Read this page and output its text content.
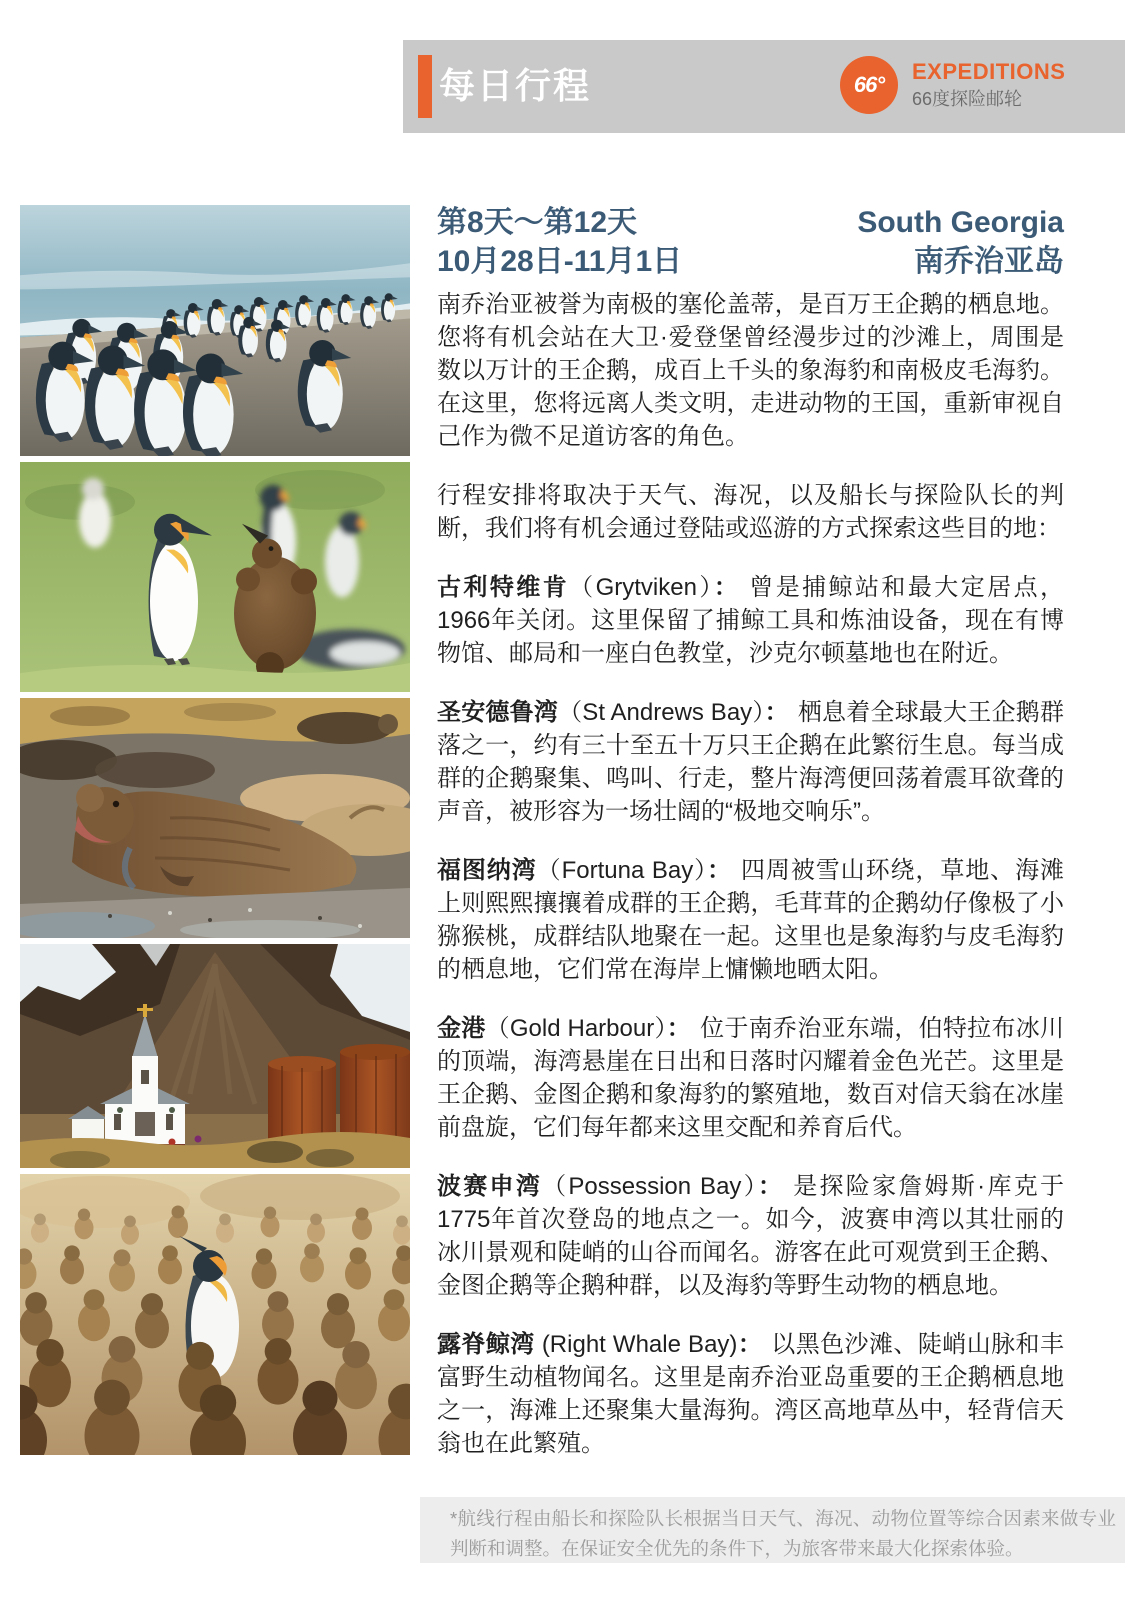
每日行程	66°
EXPEDITIONS
66度探险邮轮
第8天～第12天
10月28日-11月1日
South Georgia
南乔治亚岛

南乔治亚被誉为南极的塞伦盖蒂，是百万王企鹅的栖息地。您将有机会站在大卫·爱登堡曾经漫步过的沙滩上，周围是数以万计的王企鹅，成百上千头的象海豹和南极皮毛海豹。在这里，您将远离人类文明，走进动物的王国，重新审视自己作为微不足道访客的角色。

行程安排将取决于天气、海况，以及船长与探险队长的判断，我们将有机会通过登陆或巡游的方式探索这些目的地：

古利特维肯（Grytviken）： 曾是捕鲸站和最大定居点，1966年关闭。这里保留了捕鲸工具和炼油设备，现在有博物馆、邮局和一座白色教堂，沙克尔顿墓地也在附近。

圣安德鲁湾（St Andrews Bay）： 栖息着全球最大王企鹅群落之一，约有三十至五十万只王企鹅在此繁衍生息。每当成群的企鹅聚集、鸣叫、行走，整片海湾便回荡着震耳欲聋的声音，被形容为一场壮阔的“极地交响乐”。

福图纳湾（Fortuna Bay）： 四周被雪山环绕，草地、海滩上则熙熙攘攘着成群的王企鹅，毛茸茸的企鹅幼仔像极了小猕猴桃，成群结队地聚在一起。这里也是象海豹与皮毛海豹的栖息地，它们常在海岸上慵懒地晒太阳。

金港（Gold Harbour）： 位于南乔治亚东端，伯特拉布冰川的顶端，海湾悬崖在日出和日落时闪耀着金色光芒。这里是王企鹅、金图企鹅和象海豹的繁殖地，数百对信天翁在冰崖前盘旋，它们每年都来这里交配和养育后代。

波赛申湾（Possession Bay）： 是探险家詹姆斯·库克于1775年首次登岛的地点之一。如今，波赛申湾以其壮丽的冰川景观和陡峭的山谷而闻名。游客在此可观赏到王企鹅、金图企鹅等企鹅种群，以及海豹等野生动物的栖息地。

露脊鲸湾 (Right Whale Bay)： 以黑色沙滩、陡峭山脉和丰富野生动植物闻名。这里是南乔治亚岛重要的王企鹅栖息地之一，海滩上还聚集大量海狗。湾区高地草丛中，轻背信天翁也在此繁殖。

*航线行程由船长和探险队长根据当日天气、海况、动物位置等综合因素来做专业判断和调整。在保证安全优先的条件下，为旅客带来最大化探索体验。
